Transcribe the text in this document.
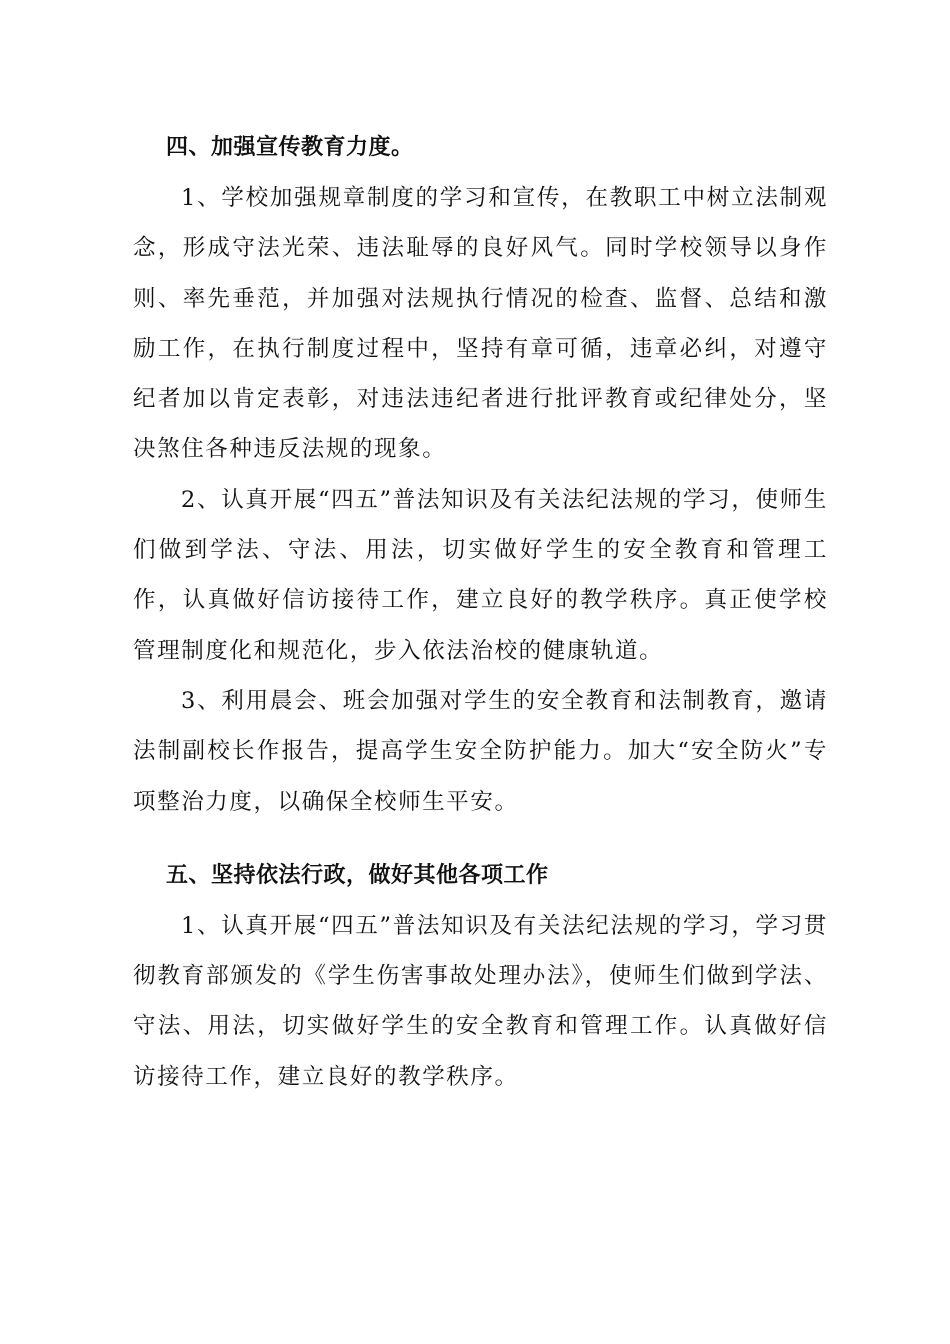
四、加强宣传教育力度。

1、学校加强规章制度的学习和宣传，在教职工中树立法制观念，形成守法光荣、违法耻辱的良好风气。同时学校领导以身作则、率先垂范，并加强对法规执行情况的检查、监督、总结和激励工作，在执行制度过程中，坚持有章可循，违章必纠，对遵守纪者加以肯定表彰，对违法违纪者进行批评教育或纪律处分，坚决煞住各种违反法规的现象。

2、认真开展“四五”普法知识及有关法纪法规的学习，使师生们做到学法、守法、用法，切实做好学生的安全教育和管理工作，认真做好信访接待工作，建立良好的教学秩序。真正使学校管理制度化和规范化，步入依法治校的健康轨道。

3、利用晨会、班会加强对学生的安全教育和法制教育，邀请法制副校长作报告，提高学生安全防护能力。加大“安全防火”专项整治力度，以确保全校师生平安。

五、坚持依法行政，做好其他各项工作

1、认真开展“四五”普法知识及有关法纪法规的学习，学习贯彻教育部颁发的《学生伤害事故处理办法》，使师生们做到学法、守法、用法，切实做好学生的安全教育和管理工作。认真做好信访接待工作，建立良好的教学秩序。
